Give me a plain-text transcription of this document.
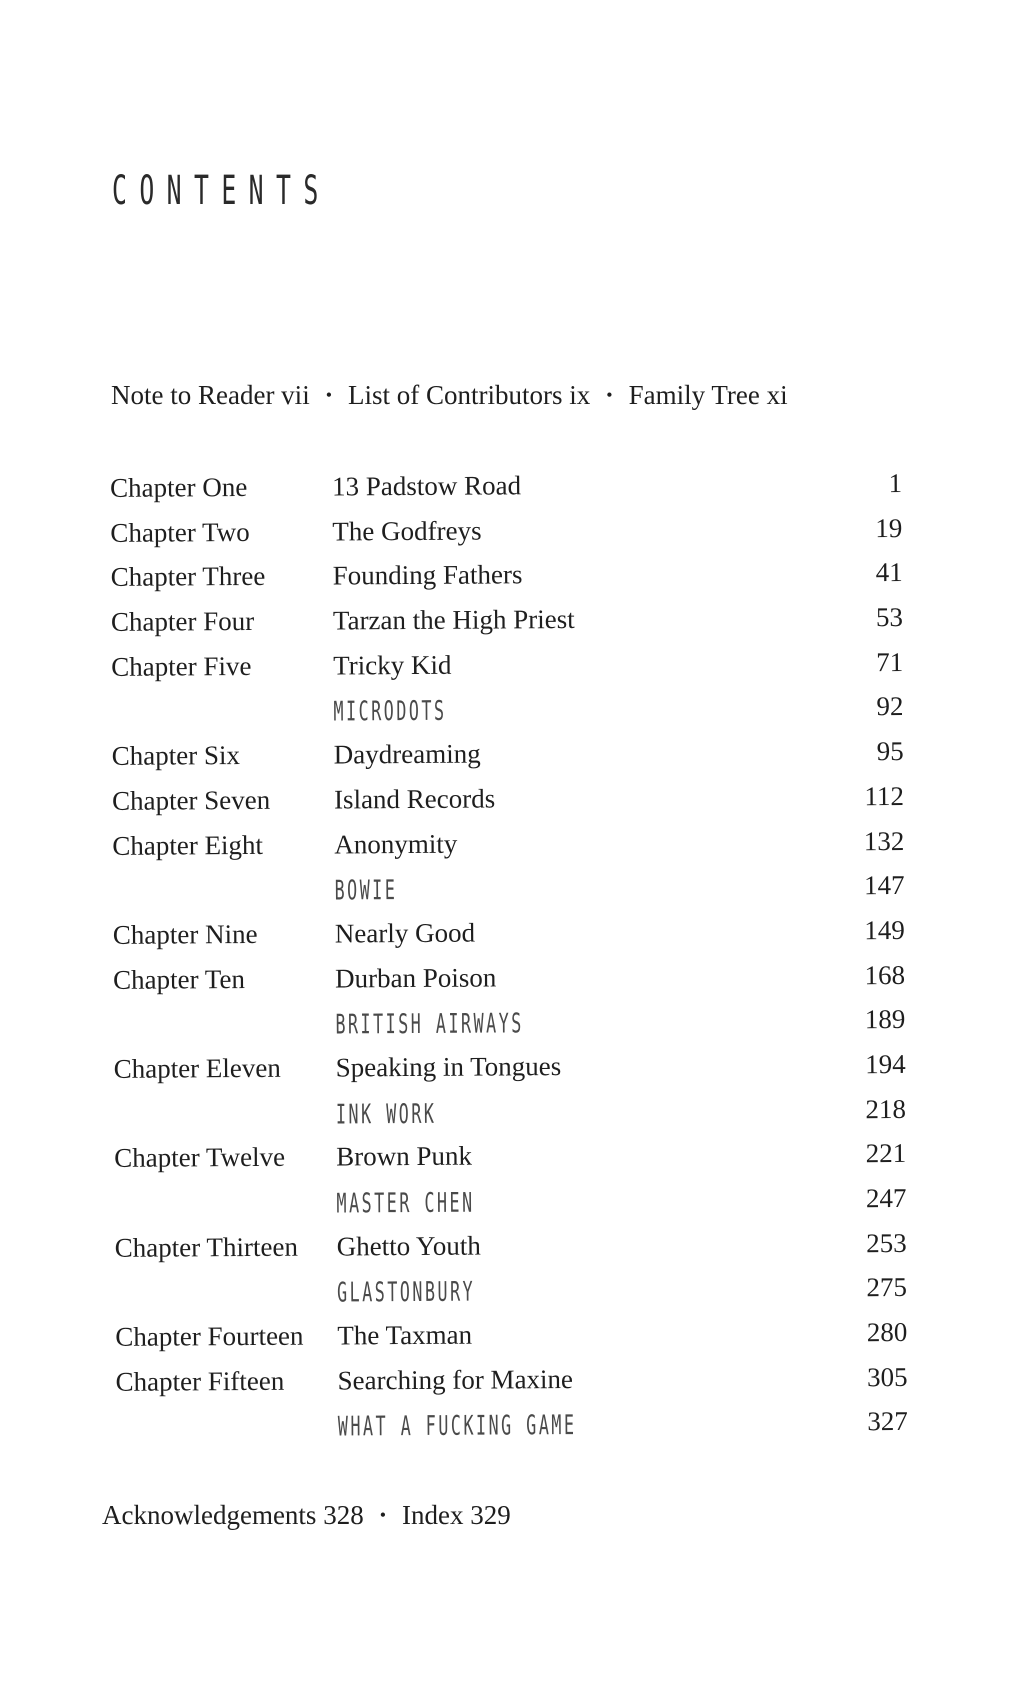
CONTENTS
Note to Reader vii • List of Contributors ix • Family Tree xi
Chapter One	13 Padstow Road	1
Chapter Two	The Godfreys	19
Chapter Three Founding Fathers	41
Chapter Four	Tarzan the High Priest	53
Chapter Five	Tricky Kid	71
MICRODOTS	92
Chapter Six	Daydreaming	95
Chapter Seven Island Records	112
Chapter Eight	Anonymity	132
BOWIE	147
Chapter Nine	Nearly Good	149
Chapter Ten	Durban Poison	168
BRITISH AIRWAYS	189
Chapter Eleven Speaking in Tongues	194
INK WORK	218
Chapter Twelve Brown Punk	221
MASTER CHEN	247
Chapter Thirteen Ghetto Youth	253
GLASTONBURY	275
Chapter Fourteen The Taxman	280
Chapter Fifteen Searching for Maxine	305
WHAT A FUCKING GAME	327
Acknowledgements 328 • Index 329
